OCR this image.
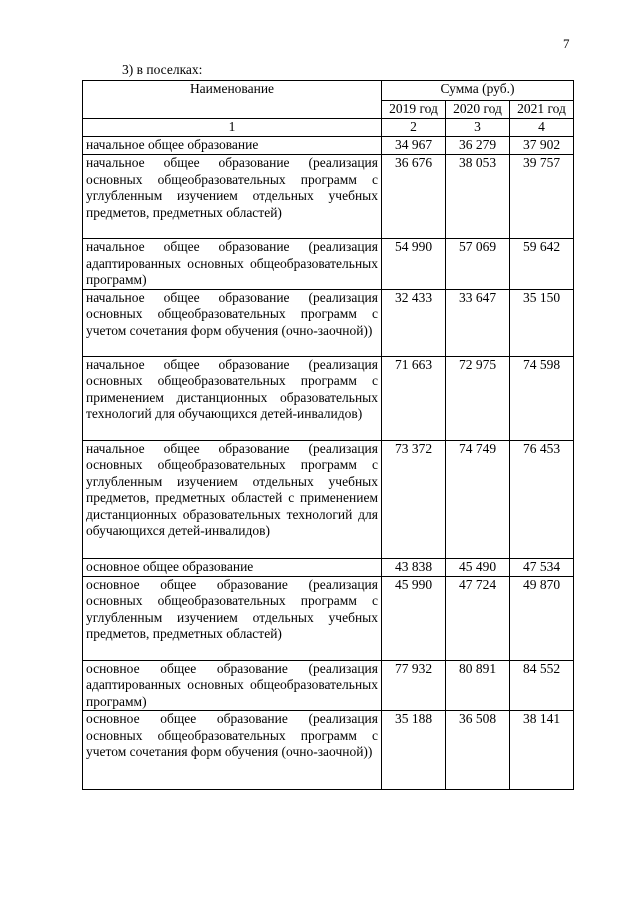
7
3) в поселках:
Наименование	Сумма (руб.)		
	2019 год	2020 год	2021 год
1	2	3	4
начальное общее образование	34 967	36 279	37 902
начальное общее образование (реализация основных общеобразовательных программ с углубленным изучением отдельных учебных предметов, предметных областей)	36 676	38 053	39 757
начальное общее образование (реализация адаптированных основных общеобразовательных программ)	54 990	57 069	59 642
начальное общее образование (реализация основных общеобразовательных программ с учетом сочетания форм обучения (очно-заочной))	32 433	33 647	35 150
начальное общее образование (реализация основных общеобразовательных программ с применением дистанционных образовательных технологий для обучающихся детей-инвалидов)	71 663	72 975	74 598
начальное общее образование (реализация основных общеобразовательных программ с углубленным изучением отдельных учебных предметов, предметных областей с применением дистанционных образовательных технологий для обучающихся детей-инвалидов)	73 372	74 749	76 453
основное общее образование	43 838	45 490	47 534
основное общее образование (реализация основных общеобразовательных программ с углубленным изучением отдельных учебных предметов, предметных областей)	45 990	47 724	49 870
основное общее образование (реализация адаптированных основных общеобразовательных программ)	77 932	80 891	84 552
основное общее образование (реализация основных общеобразовательных программ с учетом сочетания форм обучения (очно-заочной))	35 188	36 508	38 141
